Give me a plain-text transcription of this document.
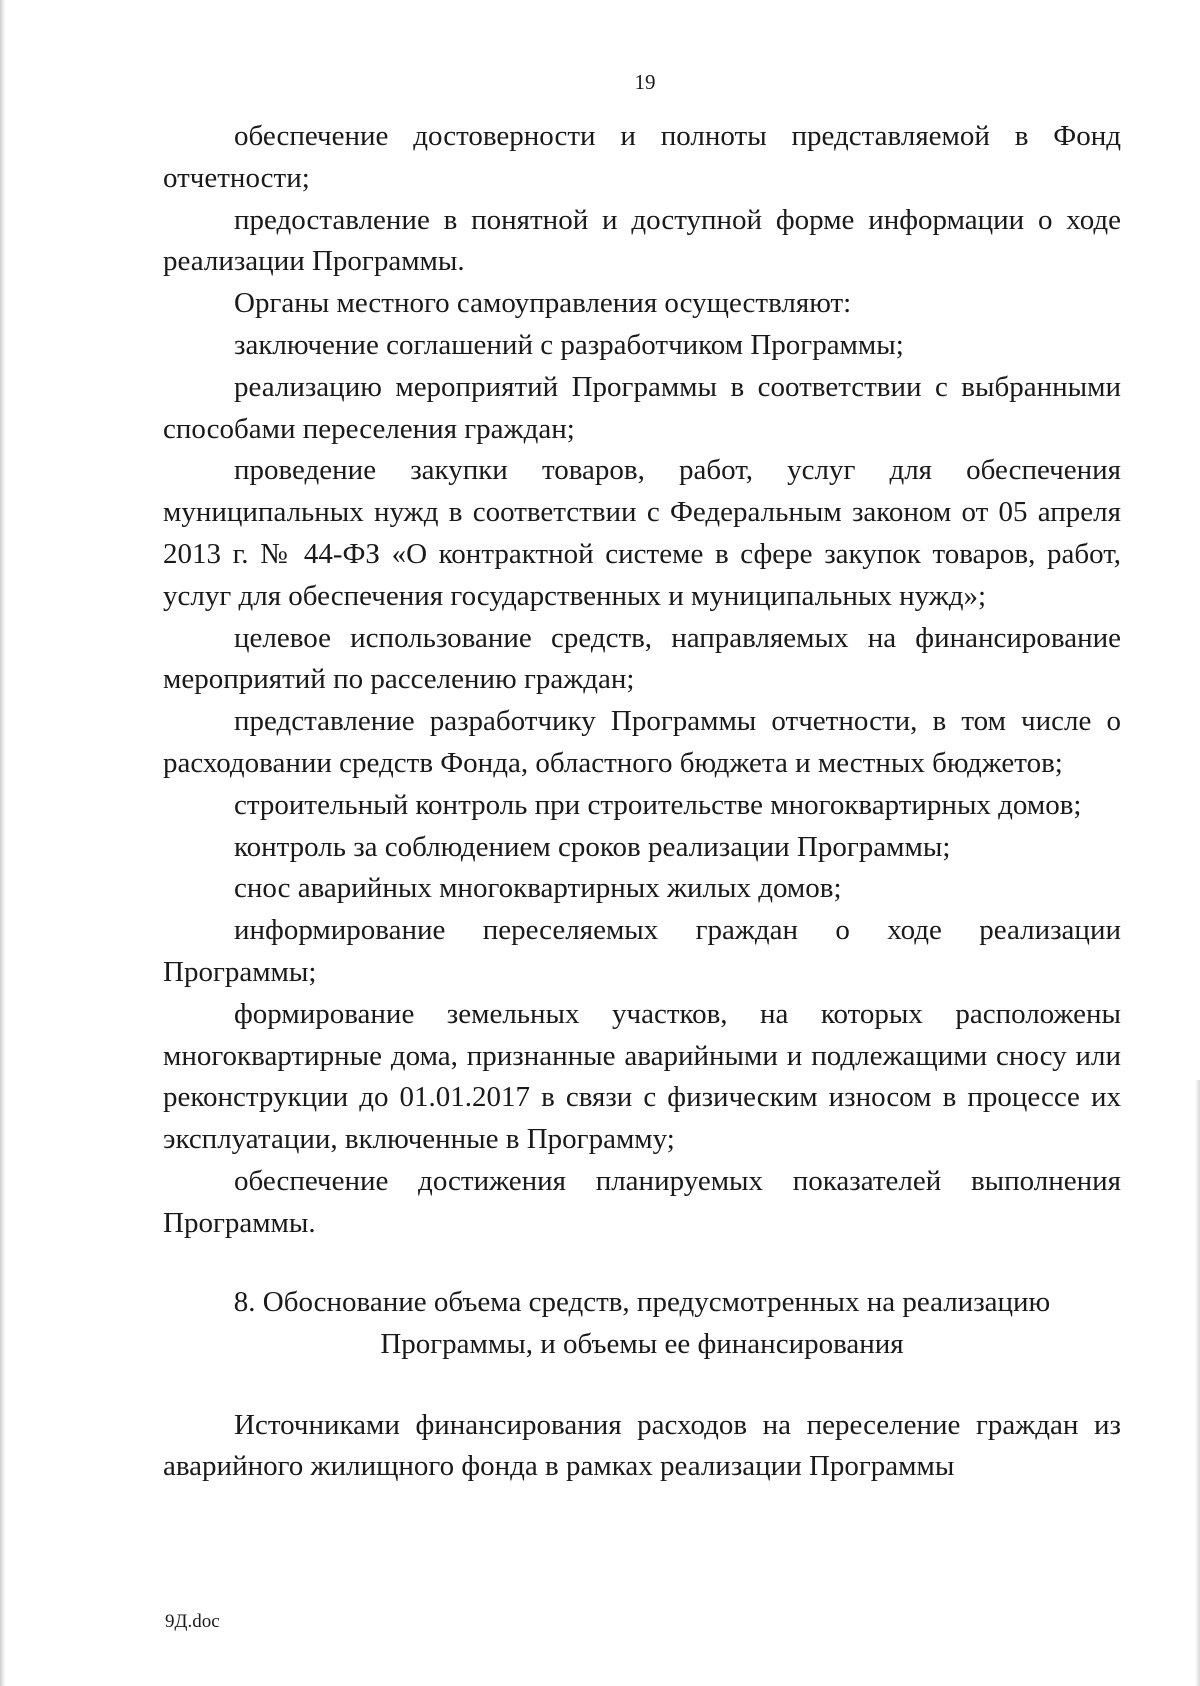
19

обеспечение достоверности и полноты представляемой в Фонд отчетности;

предоставление в понятной и доступной форме информации о ходе реализации Программы.

Органы местного самоуправления осуществляют:

заключение соглашений с разработчиком Программы;

реализацию мероприятий Программы в соответствии с выбранными способами переселения граждан;

проведение закупки товаров, работ, услуг для обеспечения муниципальных нужд в соответствии с Федеральным законом от 05 апреля 2013 г. № 44-ФЗ «О контрактной системе в сфере закупок товаров, работ, услуг для обеспечения государственных и муниципальных нужд»;

целевое использование средств, направляемых на финансирование мероприятий по расселению граждан;

представление разработчику Программы отчетности, в том числе о расходовании средств Фонда, областного бюджета и местных бюджетов;

строительный контроль при строительстве многоквартирных домов;

контроль за соблюдением сроков реализации Программы;

снос аварийных многоквартирных жилых домов;

информирование переселяемых граждан о ходе реализации Программы;

формирование земельных участков, на которых расположены многоквартирные дома, признанные аварийными и подлежащими сносу или реконструкции до 01.01.2017 в связи с физическим износом в процессе их эксплуатации, включенные в Программу;

обеспечение достижения планируемых показателей выполнения Программы.

8. Обоснование объема средств, предусмотренных на реализацию
Программы, и объемы ее финансирования

Источниками финансирования расходов на переселение граждан из аварийного жилищного фонда в рамках реализации Программы

9Д.doc
